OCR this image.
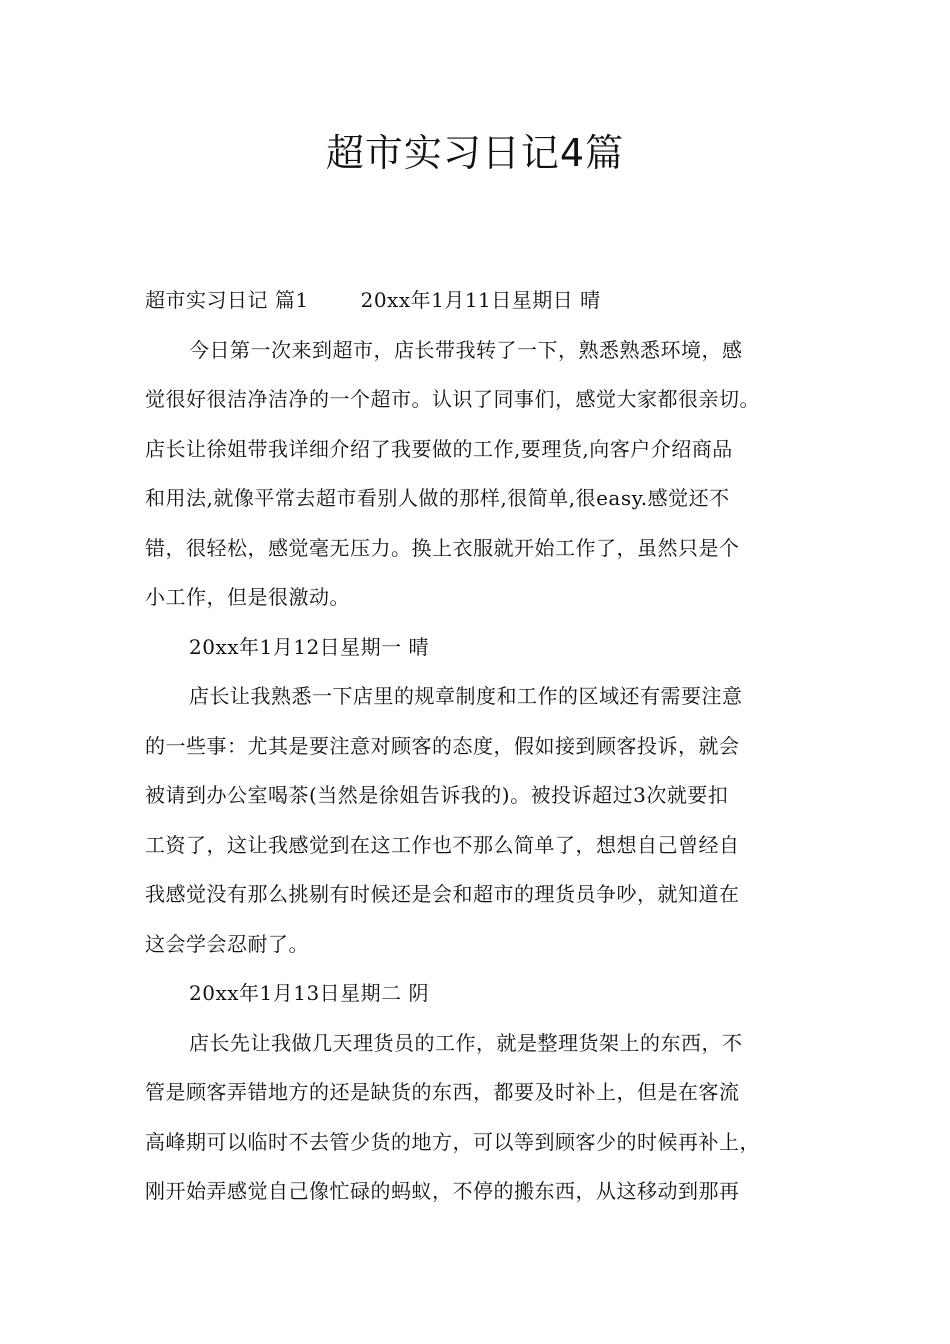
超市实习日记4篇
超市实习日记 篇1	20xx年1月11日星期日 晴
今日第一次来到超市，店长带我转了一下，熟悉熟悉环境，感
觉很好很洁净洁净的一个超市。认识了同事们，感觉大家都很亲切。
店长让徐姐带我详细介绍了我要做的工作,要理货,向客户介绍商品
和用法,就像平常去超市看别人做的那样,很简单,很easy.感觉还不
错，很轻松，感觉毫无压力。换上衣服就开始工作了，虽然只是个
小工作，但是很激动。
20xx年1月12日星期一 晴
店长让我熟悉一下店里的规章制度和工作的区域还有需要注意
的一些事：尤其是要注意对顾客的态度，假如接到顾客投诉，就会
被请到办公室喝茶(当然是徐姐告诉我的)。被投诉超过3次就要扣
工资了，这让我感觉到在这工作也不那么简单了，想想自己曾经自
我感觉没有那么挑剔有时候还是会和超市的理货员争吵，就知道在
这会学会忍耐了。
20xx年1月13日星期二 阴
店长先让我做几天理货员的工作，就是整理货架上的东西，不
管是顾客弄错地方的还是缺货的东西，都要及时补上，但是在客流
高峰期可以临时不去管少货的地方，可以等到顾客少的时候再补上，
刚开始弄感觉自己像忙碌的蚂蚁，不停的搬东西，从这移动到那再
